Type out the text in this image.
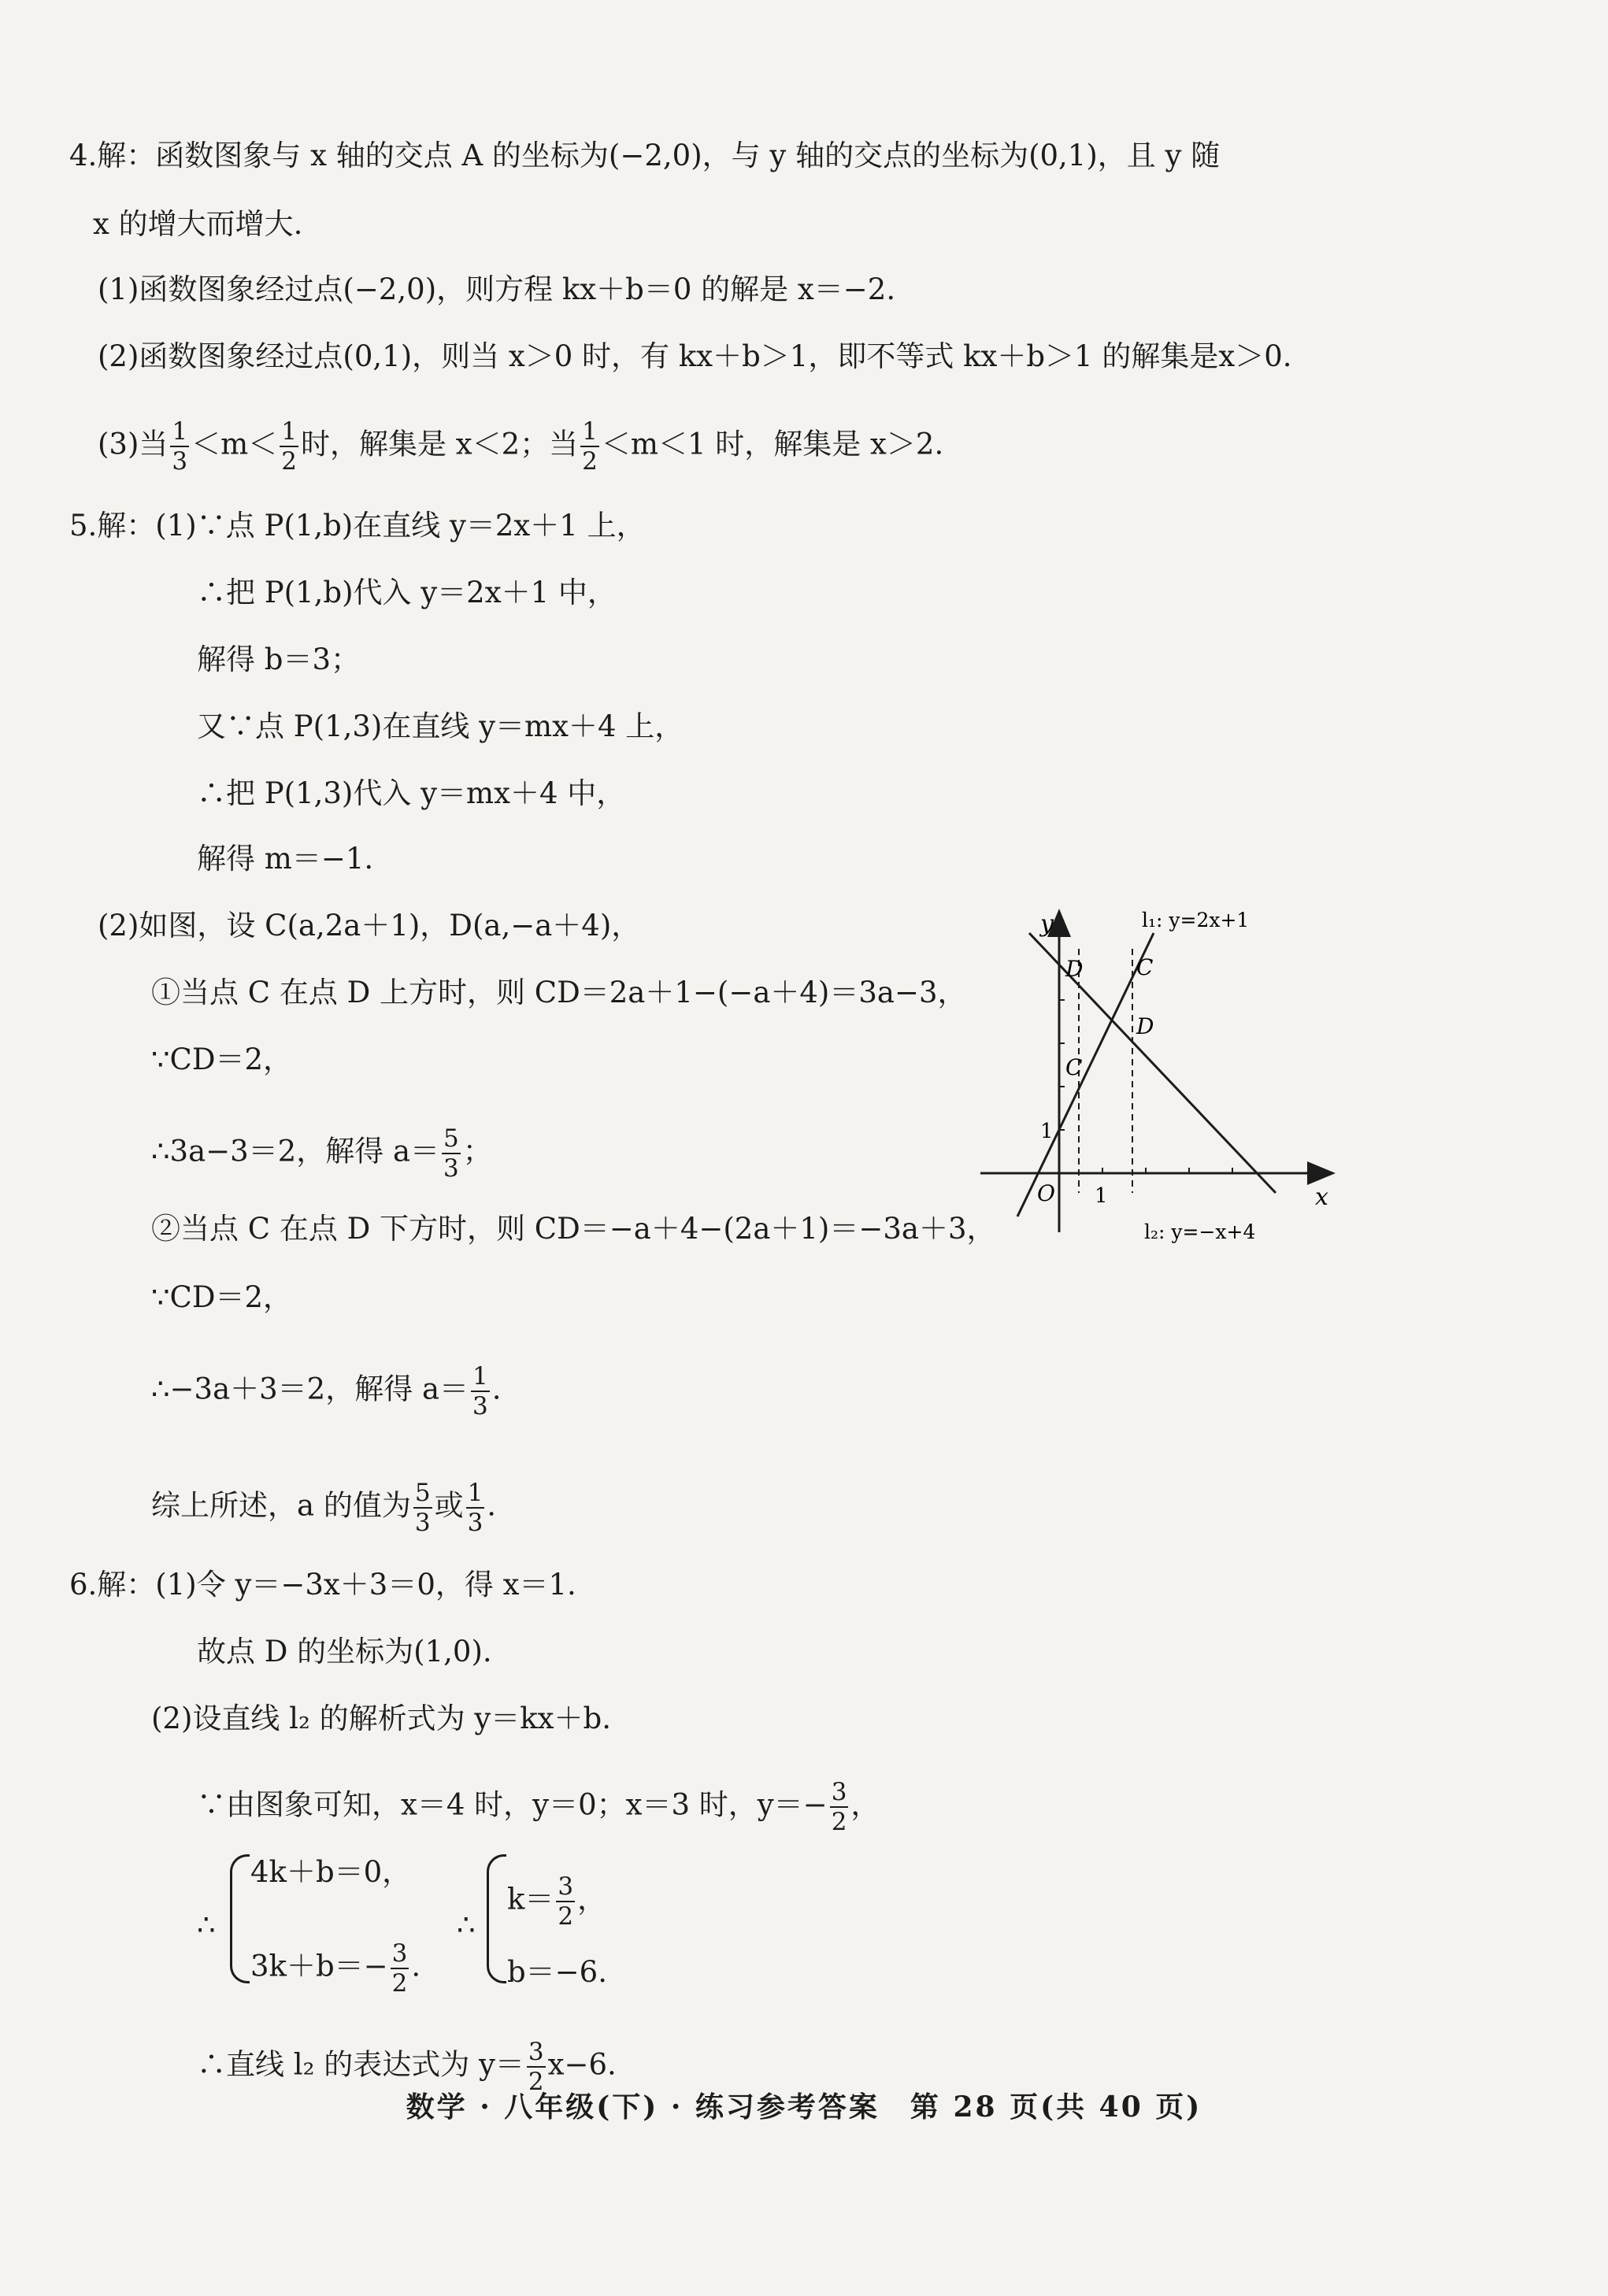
4.解：函数图象与 x 轴的交点 A 的坐标为(−2,0)，与 y 轴的交点的坐标为(0,1)，且 y 随
x 的增大而增大.
(1)函数图象经过点(−2,0)，则方程 kx＋b＝0 的解是 x＝−2.
(2)函数图象经过点(0,1)，则当 x＞0 时，有 kx＋b＞1，即不等式 kx＋b＞1 的解集是x＞0.
(3)当 $\frac{1}{3} <m< \frac{1}{2}$ 时，解集是 x＜2；当 $\frac{1}{2} <m<1$ 时，解集是 x＞2.
5.解：(1)∵点 P(1,b)在直线 y＝2x＋1 上，
∴把 P(1,b)代入 y＝2x＋1 中，
解得 b＝3；
又∵点 P(1,3)在直线 y＝mx＋4 上，
∴把 P(1,3)代入 y＝mx＋4 中，
解得 m＝−1.
(2)如图，设 C(a,2a＋1)，D(a,−a＋4)，
①当点 C 在点 D 上方时，则 CD＝2a＋1−(−a＋4)＝3a−3，
∵CD＝2，
∴3a−3＝2，解得 $a= \frac{5}{3}$ ；
②当点 C 在点 D 下方时，则 CD＝−a＋4−(2a＋1)＝−3a＋3，
∵CD＝2，
∴−3a＋3＝2，解得 $a= \frac{1}{3}$ .
综上所述，a 的值为 $\frac{5}{3}$ 或 $\frac{1}{3}$ .
y
x
O
1
1
l₁: y=2x+1
l₂: y=−x+4
D
C
C
D
6.解：(1)令 y＝−3x＋3＝0，得 x＝1.
故点 D 的坐标为(1,0).
(2)设直线 l₂ 的解析式为 y＝kx＋b.
∵由图象可知，x＝4 时，y＝0；x＝3 时，$y=- \frac{3}{2}$ ，
∴
4k＋b＝0，
$3k+b=- \frac{3}{2}$ .
∴
$k= \frac{3}{2}$ ，
b＝−6.
∴直线 l₂ 的表达式为 $y= \frac{3}{2} x-6$.
数学 · 八年级(下) · 练习参考答案　第 28 页(共 40 页)
